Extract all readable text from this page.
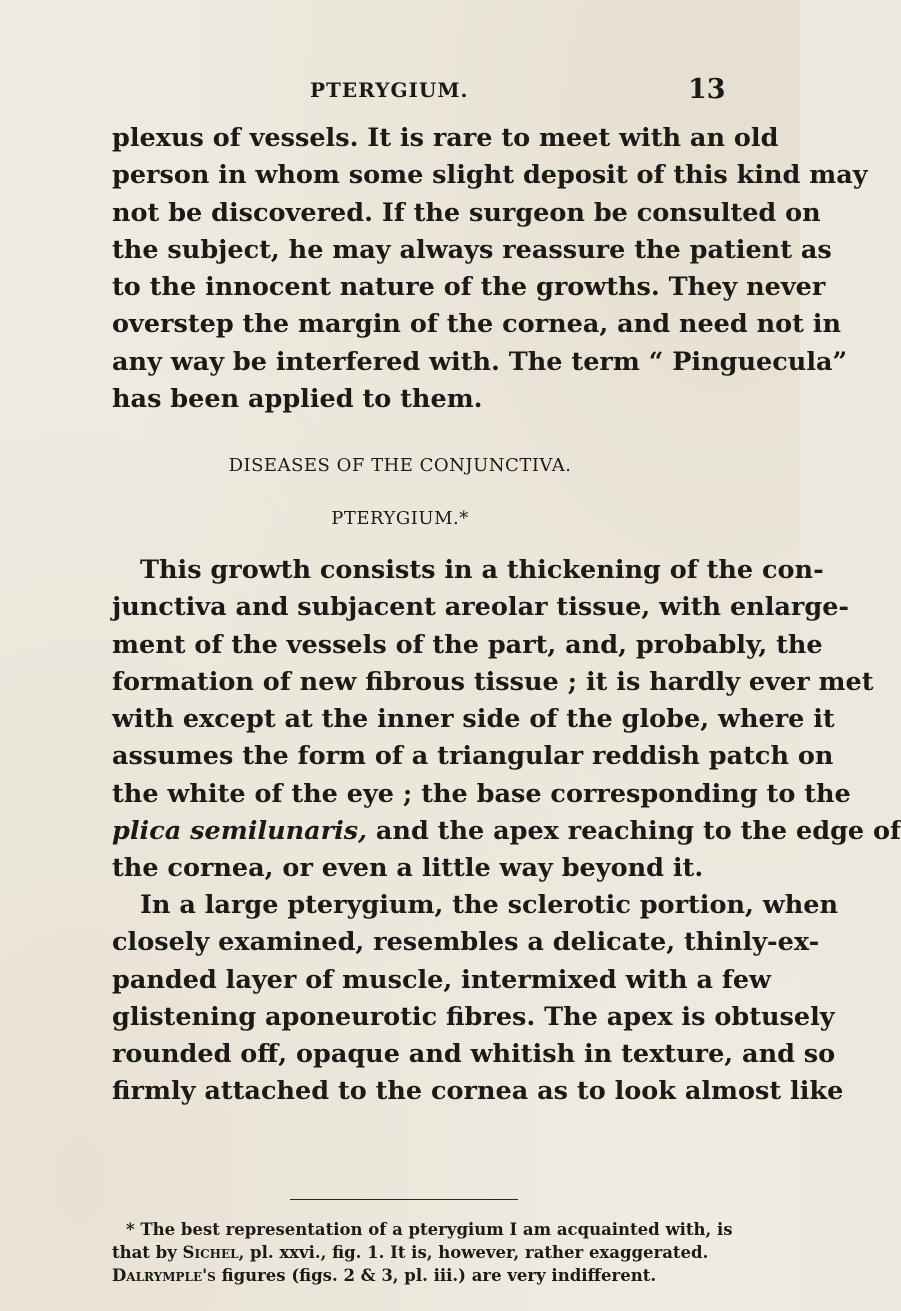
PTERYGIUM.	13
plexus of vessels. It is rare to meet with an old
person in whom some slight deposit of this kind may
not be discovered. If the surgeon be consulted on
the subject, he may always reassure the patient as
to the innocent nature of the growths. They never
overstep the margin of the cornea, and need not in
any way be interfered with. The term “ Pinguecula”
has been applied to them.
DISEASES OF THE CONJUNCTIVA.
PTERYGIUM.*
This growth consists in a thickening of the con-
junctiva and subjacent areolar tissue, with enlarge-
ment of the vessels of the part, and, probably, the
formation of new fibrous tissue ; it is hardly ever met
with except at the inner side of the globe, where it
assumes the form of a triangular reddish patch on
the white of the eye ; the base corresponding to the
plica semilunaris, and the apex reaching to the edge of
the cornea, or even a little way beyond it.
In a large pterygium, the sclerotic portion, when
closely examined, resembles a delicate, thinly-ex-
panded layer of muscle, intermixed with a few
glistening aponeurotic fibres. The apex is obtusely
rounded off, opaque and whitish in texture, and so
firmly attached to the cornea as to look almost like
* The best representation of a pterygium I am acquainted with, is
that by Sichel, pl. xxvi., fig. 1. It is, however, rather exaggerated.
Dalrymple's figures (figs. 2 & 3, pl. iii.) are very indifferent.
